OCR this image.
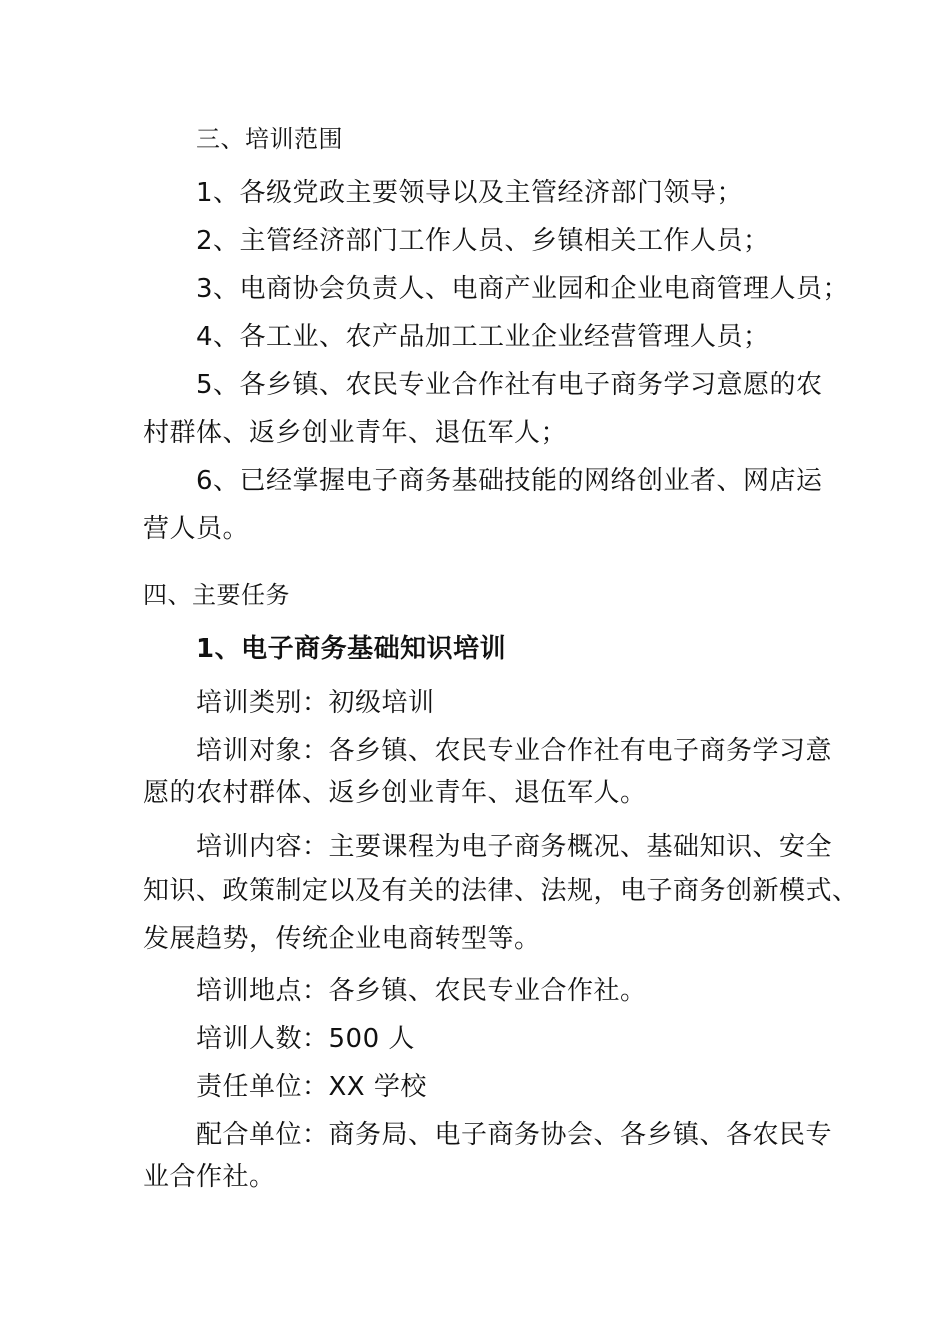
三、培训范围
1、各级党政主要领导以及主管经济部门领导；
2、主管经济部门工作人员、乡镇相关工作人员；
3、电商协会负责人、电商产业园和企业电商管理人员；
4、各工业、农产品加工工业企业经营管理人员；
5、各乡镇、农民专业合作社有电子商务学习意愿的农
村群体、返乡创业青年、退伍军人；
6、已经掌握电子商务基础技能的网络创业者、网店运
营人员。
四、主要任务
1、电子商务基础知识培训
培训类别：初级培训
培训对象：各乡镇、农民专业合作社有电子商务学习意
愿的农村群体、返乡创业青年、退伍军人。
培训内容：主要课程为电子商务概况、基础知识、安全
知识、政策制定以及有关的法律、法规，电子商务创新模式、
发展趋势，传统企业电商转型等。
培训地点：各乡镇、农民专业合作社。
培训人数：500 人
责任单位：XX 学校
配合单位：商务局、电子商务协会、各乡镇、各农民专
业合作社。
